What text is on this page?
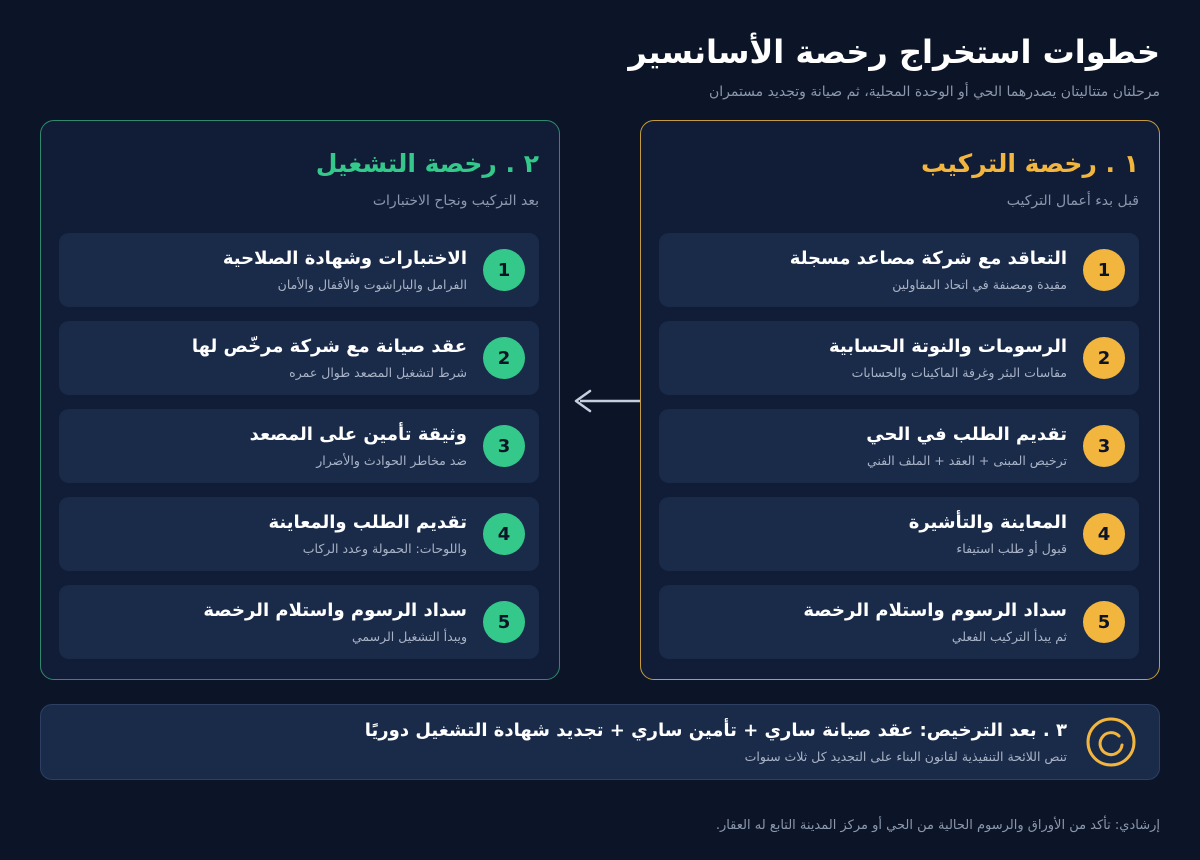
خطوات استخراج رخصة الأسانسير
مرحلتان متتاليتان يصدرهما الحي أو الوحدة المحلية، ثم صيانة وتجديد مستمران
١ . رخصة التركيب
قبل بدء أعمال التركيب
1
التعاقد مع شركة مصاعد مسجلة
مقيدة ومصنفة في اتحاد المقاولين
2
الرسومات والنوتة الحسابية
مقاسات البئر وغرفة الماكينات والحسابات
3
تقديم الطلب في الحي
ترخيص المبنى + العقد + الملف الفني
4
المعاينة والتأشيرة
قبول أو طلب استيفاء
5
سداد الرسوم واستلام الرخصة
ثم يبدأ التركيب الفعلي
٢ . رخصة التشغيل
بعد التركيب ونجاح الاختبارات
1
الاختبارات وشهادة الصلاحية
الفرامل والباراشوت والأقفال والأمان
2
عقد صيانة مع شركة مرخّص لها
شرط لتشغيل المصعد طوال عمره
3
وثيقة تأمين على المصعد
ضد مخاطر الحوادث والأضرار
4
تقديم الطلب والمعاينة
واللوحات: الحمولة وعدد الركاب
5
سداد الرسوم واستلام الرخصة
ويبدأ التشغيل الرسمي
٣ . بعد الترخيص: عقد صيانة ساري + تأمين ساري + تجديد شهادة التشغيل دوريًا
تنص اللائحة التنفيذية لقانون البناء على التجديد كل ثلاث سنوات
إرشادي: تأكد من الأوراق والرسوم الحالية من الحي أو مركز المدينة التابع له العقار.
